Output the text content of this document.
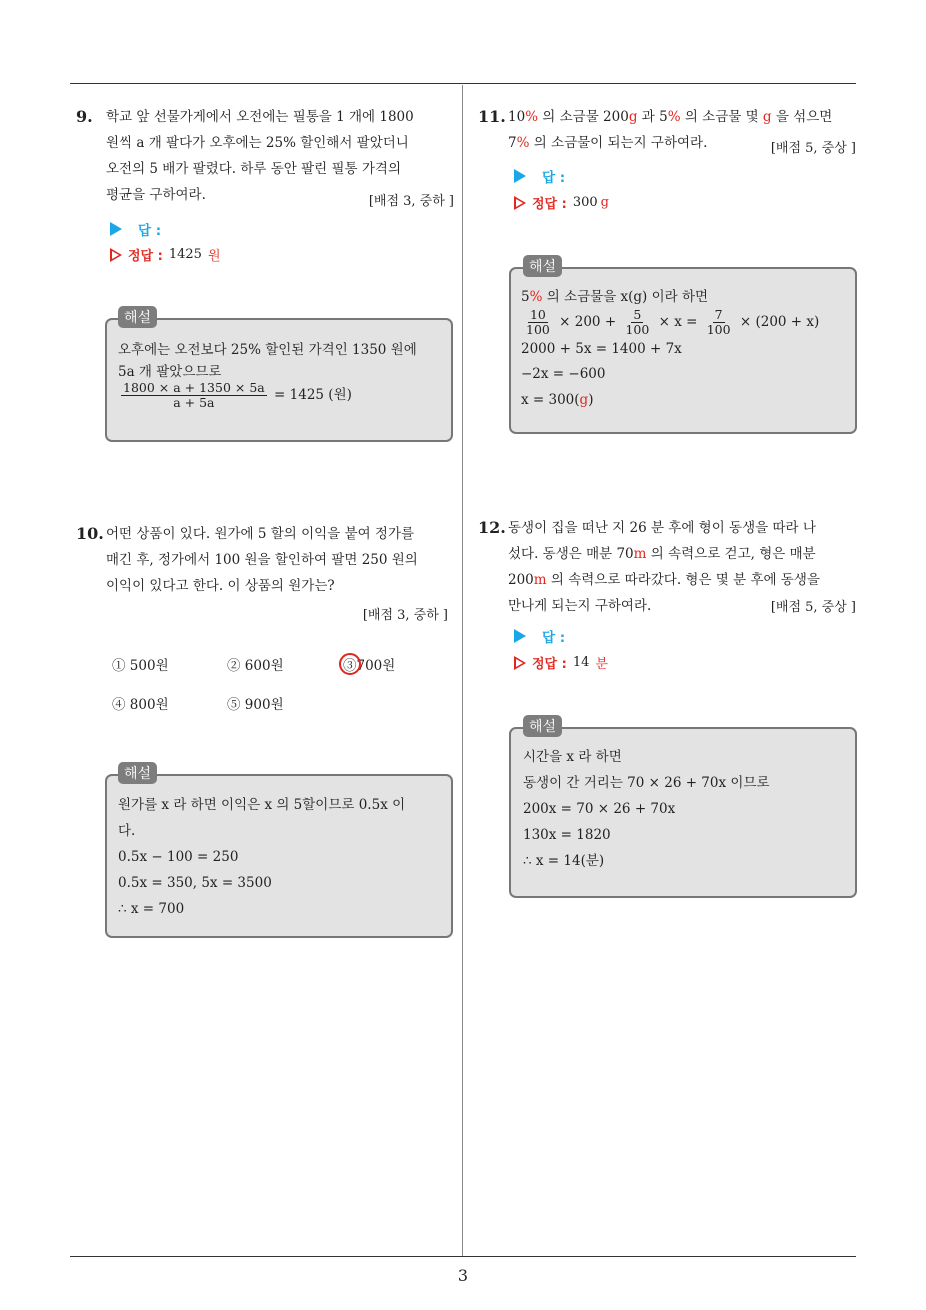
3
9. 학교 앞 선물가게에서 오전에는 필통을 1 개에 1800
원씩 a 개 팔다가 오후에는 25% 할인해서 팔았더니
오전의 5 배가 팔렸다. 하루 동안 팔린 필통 가격의
평균을 구하여라.	[배점 3, 중하 ]
답 :
정답 : 1425 원
해설
오후에는 오전보다 25% 할인된 가격인 1350 원에
5a 개 팔았으므로
$\frac{1800 \times a + 1350 \times 5a}{a + 5a} = 1425$ (원)
10. 어떤 상품이 있다. 원가에 5 할의 이익을 붙여 정가를
매긴 후, 정가에서 100 원을 할인하여 팔면 250 원의
이익이 있다고 한다. 이 상품의 원가는?
[배점 3, 중하 ]
① 500원	② 600원	③700원
④ 800원	⑤ 900원
해설
원가를 x 라 하면 이익은 x 의 5할이므로 0.5x 이
다.
0.5x − 100 = 250
0.5x = 350, 5x = 3500
∴ x = 700
11. 10% 의 소금물 200g 과 5% 의 소금물 몇 g 을 섞으면
7% 의 소금물이 되는지 구하여라.	[배점 5, 중상 ]
답 :
정답 : 300 g
해설
5% 의 소금물을 x(g) 이라 하면
$\frac{10}{100} \times 200 + \frac{5}{100} \times x = \frac{7}{100} \times (200 + x)$
2000 + 5x = 1400 + 7x
−2x = −600
x = 300(g)
12. 동생이 집을 떠난 지 26 분 후에 형이 동생을 따라 나
섰다. 동생은 매분 70m 의 속력으로 걷고, 형은 매분
200m 의 속력으로 따라갔다. 형은 몇 분 후에 동생을
만나게 되는지 구하여라.	[배점 5, 중상 ]
답 :
정답 : 14 분
해설
시간을 x 라 하면
동생이 간 거리는 70 × 26 + 70x 이므로
200x = 70 × 26 + 70x
130x = 1820
∴ x = 14(분)
